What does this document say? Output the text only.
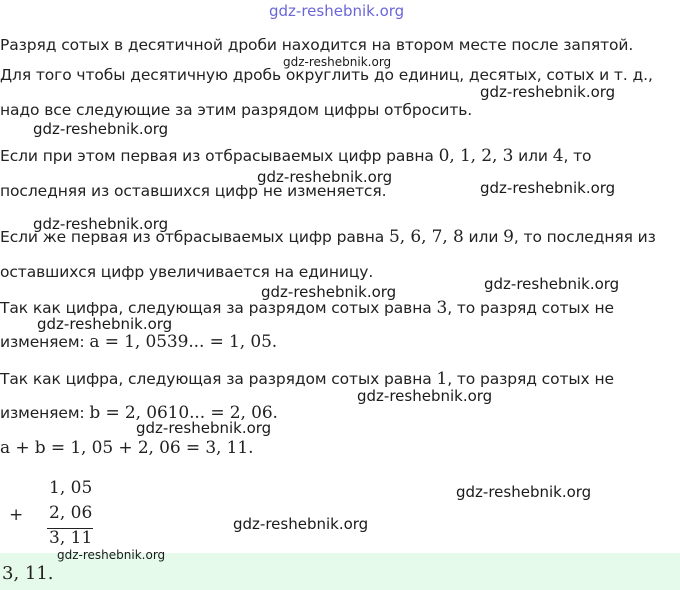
gdz-reshebnik.org
Разряд сотых в десятичной дроби находится на втором месте после запятой.
Для того чтобы десятичную дробь округлить до единиц, десятых, сотых и т. д.,
надо все следующие за этим разрядом цифры отбросить.
Если при этом первая из отбрасываемых цифр равна 0, 1, 2, 3 или 4, то
последняя из оставшихся цифр не изменяется.
Если же первая из отбрасываемых цифр равна 5, 6, 7, 8 или 9, то последняя из
оставшихся цифр увеличивается на единицу.
Так как цифра, следующая за разрядом сотых равна 3, то разряд сотых не
изменяем: a = 1, 0539... = 1, 05.
Так как цифра, следующая за разрядом сотых равна 1, то разряд сотых не
изменяем: b = 2, 0610... = 2, 06.
a + b = 1, 05 + 2, 06 = 3, 11.
+
1, 05
2, 06
3, 11
3, 11.
gdz-reshebnik.org
gdz-reshebnik.org
gdz-reshebnik.org
gdz-reshebnik.org
gdz-reshebnik.org
gdz-reshebnik.org
gdz-reshebnik.org
gdz-reshebnik.org
gdz-reshebnik.org
gdz-reshebnik.org
gdz-reshebnik.org
gdz-reshebnik.org
gdz-reshebnik.org
gdz-reshebnik.org
